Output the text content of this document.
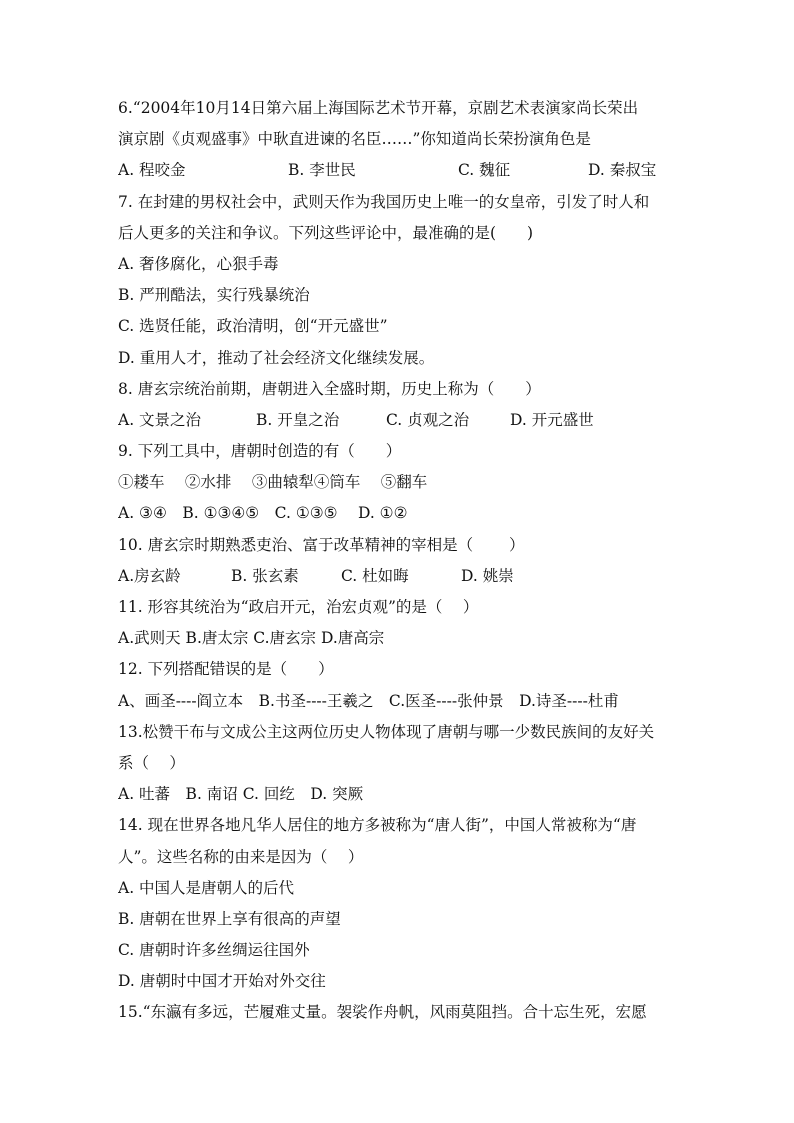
6.“2004年10月14日第六届上海国际艺术节开幕，京剧艺术表演家尚长荣出
演京剧《贞观盛事》中耿直进谏的名臣……”你知道尚长荣扮演角色是
A. 程咬金	B. 李世民	C. 魏征	D. 秦叔宝
7. 在封建的男权社会中，武则天作为我国历史上唯一的女皇帝，引发了时人和
后人更多的关注和争议。下列这些评论中，最准确的是(　　)
A. 奢侈腐化，心狠手毒
B. 严刑酷法，实行残暴统治
C. 选贤任能，政治清明，创“开元盛世”
D. 重用人才，推动了社会经济文化继续发展。
8. 唐玄宗统治前期，唐朝进入全盛时期，历史上称为（　　）
A. 文景之治	B. 开皇之治	C. 贞观之治	D. 开元盛世
9. 下列工具中，唐朝时创造的有（　　）
①耧车　 ②水排　 ③曲辕犁④筒车　 ⑤翻车
A. ③④　B. ①③④⑤　C. ①③⑤　 D. ①②
10. 唐玄宗时期熟悉吏治、富于改革精神的宰相是（　　 ）
A.房玄龄	B. 张玄素	C. 杜如晦	D. 姚崇
11. 形容其统治为“政启开元，治宏贞观”的是（　 ）
A.武则天 B.唐太宗 C.唐玄宗 D.唐高宗
12. 下列搭配错误的是（　　）
A、画圣----阎立本　B.书圣----王羲之　C.医圣----张仲景　D.诗圣----杜甫
13.松赞干布与文成公主这两位历史人物体现了唐朝与哪一少数民族间的友好关
系（　 ）
A. 吐蕃　B. 南诏 C. 回纥　D. 突厥
14. 现在世界各地凡华人居住的地方多被称为“唐人街”，中国人常被称为“唐
人”。这些名称的由来是因为（　 ）
A. 中国人是唐朝人的后代
B. 唐朝在世界上享有很高的声望
C. 唐朝时许多丝绸运往国外
D. 唐朝时中国才开始对外交往
15.“东瀛有多远，芒履难丈量。袈裟作舟帆，风雨莫阻挡。合十忘生死，宏愿
